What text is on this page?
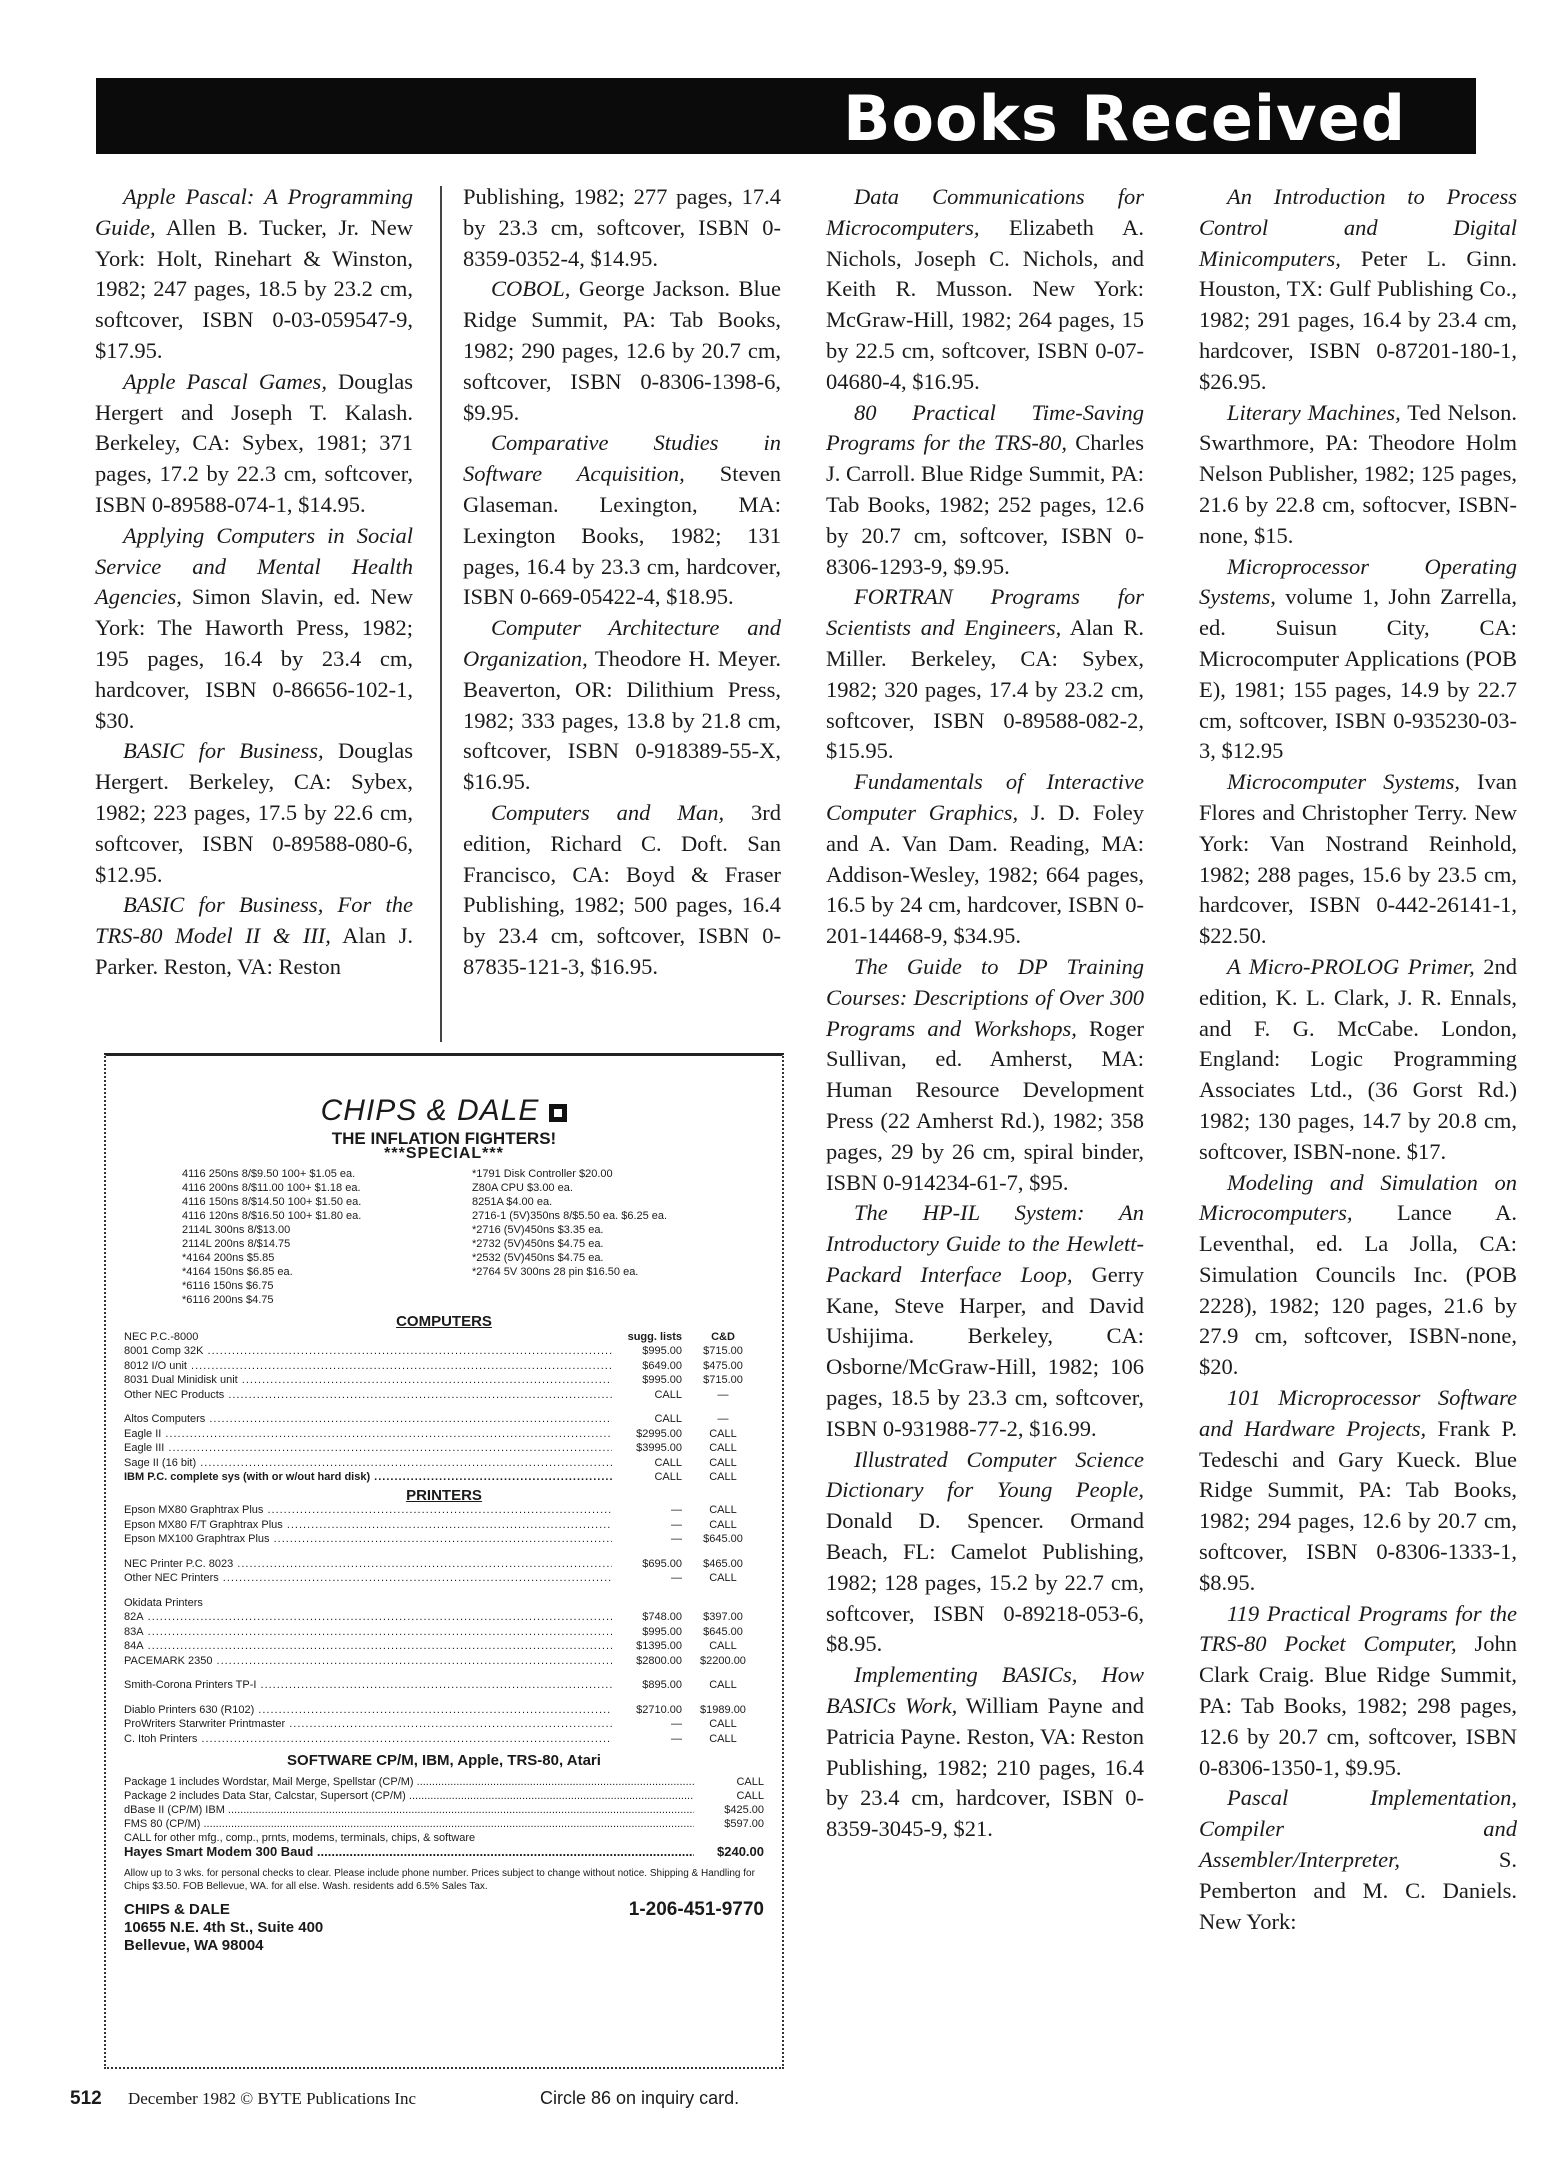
Books Received

Apple Pascal: A Programming Guide, Allen B. Tucker, Jr. New York: Holt, Rinehart & Winston, 1982; 247 pages, 18.5 by 23.2 cm, softcover, ISBN 0-03-059547-9, $17.95.

Apple Pascal Games, Douglas Hergert and Joseph T. Kalash. Berkeley, CA: Sybex, 1981; 371 pages, 17.2 by 22.3 cm, softcover, ISBN 0-89588-074-1, $14.95.

Applying Computers in Social Service and Mental Health Agencies, Simon Slavin, ed. New York: The Haworth Press, 1982; 195 pages, 16.4 by 23.4 cm, hardcover, ISBN 0-86656-102-1, $30.

BASIC for Business, Douglas Hergert. Berkeley, CA: Sybex, 1982; 223 pages, 17.5 by 22.6 cm, softcover, ISBN 0-89588-080-6, $12.95.

BASIC for Business, For the TRS-80 Model II & III, Alan J. Parker. Reston, VA: Reston

Publishing, 1982; 277 pages, 17.4 by 23.3 cm, softcover, ISBN 0-8359-0352-4, $14.95.

COBOL, George Jackson. Blue Ridge Summit, PA: Tab Books, 1982; 290 pages, 12.6 by 20.7 cm, softcover, ISBN 0-8306-1398-6, $9.95.

Comparative Studies in Software Acquisition, Steven Glaseman. Lexington, MA: Lexington Books, 1982; 131 pages, 16.4 by 23.3 cm, hardcover, ISBN 0-669-05422-4, $18.95.

Computer Architecture and Organization, Theodore H. Meyer. Beaverton, OR: Dilithium Press, 1982; 333 pages, 13.8 by 21.8 cm, softcover, ISBN 0-918389-55-X, $16.95.

Computers and Man, 3rd edition, Richard C. Doft. San Francisco, CA: Boyd & Fraser Publishing, 1982; 500 pages, 16.4 by 23.4 cm, softcover, ISBN 0-87835-121-3, $16.95.

Data Communications for Microcomputers, Elizabeth A. Nichols, Joseph C. Nichols, and Keith R. Musson. New York: McGraw-Hill, 1982; 264 pages, 15 by 22.5 cm, softcover, ISBN 0-07-04680-4, $16.95.

80 Practical Time-Saving Programs for the TRS-80, Charles J. Carroll. Blue Ridge Summit, PA: Tab Books, 1982; 252 pages, 12.6 by 20.7 cm, softcover, ISBN 0-8306-1293-9, $9.95.

FORTRAN Programs for Scientists and Engineers, Alan R. Miller. Berkeley, CA: Sybex, 1982; 320 pages, 17.4 by 23.2 cm, softcover, ISBN 0-89588-082-2, $15.95.

Fundamentals of Interactive Computer Graphics, J. D. Foley and A. Van Dam. Reading, MA: Addison-Wesley, 1982; 664 pages, 16.5 by 24 cm, hardcover, ISBN 0-201-14468-9, $34.95.

The Guide to DP Training Courses: Descriptions of Over 300 Programs and Workshops, Roger Sullivan, ed. Amherst, MA: Human Resource Development Press (22 Amherst Rd.), 1982; 358 pages, 29 by 26 cm, spiral binder, ISBN 0-914234-61-7, $95.

The HP-IL System: An Introductory Guide to the Hewlett-Packard Interface Loop, Gerry Kane, Steve Harper, and David Ushijima. Berkeley, CA: Osborne/McGraw-Hill, 1982; 106 pages, 18.5 by 23.3 cm, softcover, ISBN 0-931988-77-2, $16.99.

Illustrated Computer Science Dictionary for Young People, Donald D. Spencer. Ormand Beach, FL: Camelot Publishing, 1982; 128 pages, 15.2 by 22.7 cm, softcover, ISBN 0-89218-053-6, $8.95.

Implementing BASICs, How BASICs Work, William Payne and Patricia Payne. Reston, VA: Reston Publishing, 1982; 210 pages, 16.4 by 23.4 cm, hardcover, ISBN 0-8359-3045-9, $21.

An Introduction to Process Control and Digital Minicomputers, Peter L. Ginn. Houston, TX: Gulf Publishing Co., 1982; 291 pages, 16.4 by 23.4 cm, hardcover, ISBN 0-87201-180-1, $26.95.

Literary Machines, Ted Nelson. Swarthmore, PA: Theodore Holm Nelson Publisher, 1982; 125 pages, 21.6 by 22.8 cm, softocver, ISBN-none, $15.

Microprocessor Operating Systems, volume 1, John Zarrella, ed. Suisun City, CA: Microcomputer Applications (POB E), 1981; 155 pages, 14.9 by 22.7 cm, softcover, ISBN 0-935230-03-3, $12.95

Microcomputer Systems, Ivan Flores and Christopher Terry. New York: Van Nostrand Reinhold, 1982; 288 pages, 15.6 by 23.5 cm, hardcover, ISBN 0-442-26141-1, $22.50.

A Micro-PROLOG Primer, 2nd edition, K. L. Clark, J. R. Ennals, and F. G. McCabe. London, England: Logic Programming Associates Ltd., (36 Gorst Rd.) 1982; 130 pages, 14.7 by 20.8 cm, softcover, ISBN-none. $17.

Modeling and Simulation on Microcomputers, Lance A. Leventhal, ed. La Jolla, CA: Simulation Councils Inc. (POB 2228), 1982; 120 pages, 21.6 by 27.9 cm, softcover, ISBN-none, $20.

101 Microprocessor Software and Hardware Projects, Frank P. Tedeschi and Gary Kueck. Blue Ridge Summit, PA: Tab Books, 1982; 294 pages, 12.6 by 20.7 cm, softcover, ISBN 0-8306-1333-1, $8.95.

119 Practical Programs for the TRS-80 Pocket Computer, John Clark Craig. Blue Ridge Summit, PA: Tab Books, 1982; 298 pages, 12.6 by 20.7 cm, softcover, ISBN 0-8306-1350-1, $9.95.

Pascal Implementation, Compiler and Assembler/Interpreter, S. Pemberton and M. C. Daniels. New York:

CHIPS & DALE
THE INFLATION FIGHTERS!
***SPECIAL***
4116 250ns 8/$9.50 100+ $1.05 ea.
4116 200ns 8/$11.00 100+ $1.18 ea.
4116 150ns 8/$14.50 100+ $1.50 ea.
4116 120ns 8/$16.50 100+ $1.80 ea.
2114L 300ns 8/$13.00
2114L 200ns 8/$14.75
*4164 200ns $5.85
*4164 150ns $6.85 ea.
*6116 150ns $6.75
*6116 200ns $4.75
*1791 Disk Controller $20.00
Z80A CPU $3.00 ea.
8251A $4.00 ea.
2716-1 (5V)350ns 8/$5.50 ea. $6.25 ea.
*2716 (5V)450ns $3.35 ea.
*2732 (5V)450ns $4.75 ea.
*2532 (5V)450ns $4.75 ea.
*2764 5V 300ns 28 pin $16.50 ea.
COMPUTERS
NEC P.C.-8000	sugg. lists	C&D
8001 Comp 32K .....	$995.00	$715.00
8012 I/O unit .....	$649.00	$475.00
8031 Dual Minidisk unit .....	$995.00	$715.00
Other NEC Products .....	CALL	—
Altos Computers .....	CALL	—
Eagle II .....	$2995.00	CALL
Eagle III .....	$3995.00	CALL
Sage II (16 bit) .....	CALL	CALL
IBM P.C. complete sys (with or w/out hard disk) .....	CALL	CALL
PRINTERS
Epson MX80 Graphtrax Plus .....	—	CALL
Epson MX80 F/T Graphtrax Plus .....	—	CALL
Epson MX100 Graphtrax Plus .....	—	$645.00
NEC Printer P.C. 8023 .....	$695.00	$465.00
Other NEC Printers .....	—	CALL
Okidata Printers
82A .....	$748.00	$397.00
83A .....	$995.00	$645.00
84A .....	$1395.00	CALL
PACEMARK 2350 .....	$2800.00	$2200.00
Smith-Corona Printers TP-I .....	$895.00	CALL
Diablo Printers 630 (R102) .....	$2710.00	$1989.00
ProWriters Starwriter Printmaster .....	—	CALL
C. Itoh Printers .....	—	CALL
SOFTWARE CP/M, IBM, Apple, TRS-80, Atari
Package 1 includes Wordstar, Mail Merge, Spellstar (CP/M) .....	CALL
Package 2 includes Data Star, Calcstar, Supersort (CP/M) .....	CALL
dBase II (CP/M) IBM .....	$425.00
FMS 80 (CP/M) .....	$597.00
CALL for other mfg., comp., prnts, modems, terminals, chips, & software
Hayes Smart Modem 300 Baud .....	$240.00
Allow up to 3 wks. for personal checks to clear. Please include phone number. Prices subject to change without notice. Shipping & Handling for Chips $3.50. FOB Bellevue, WA. for all else. Wash. residents add 6.5% Sales Tax.
CHIPS & DALE
10655 N.E. 4th St., Suite 400
Bellevue, WA 98004
1-206-451-9770
512 December 1982 © BYTE Publications Inc	Circle 86 on inquiry card.
